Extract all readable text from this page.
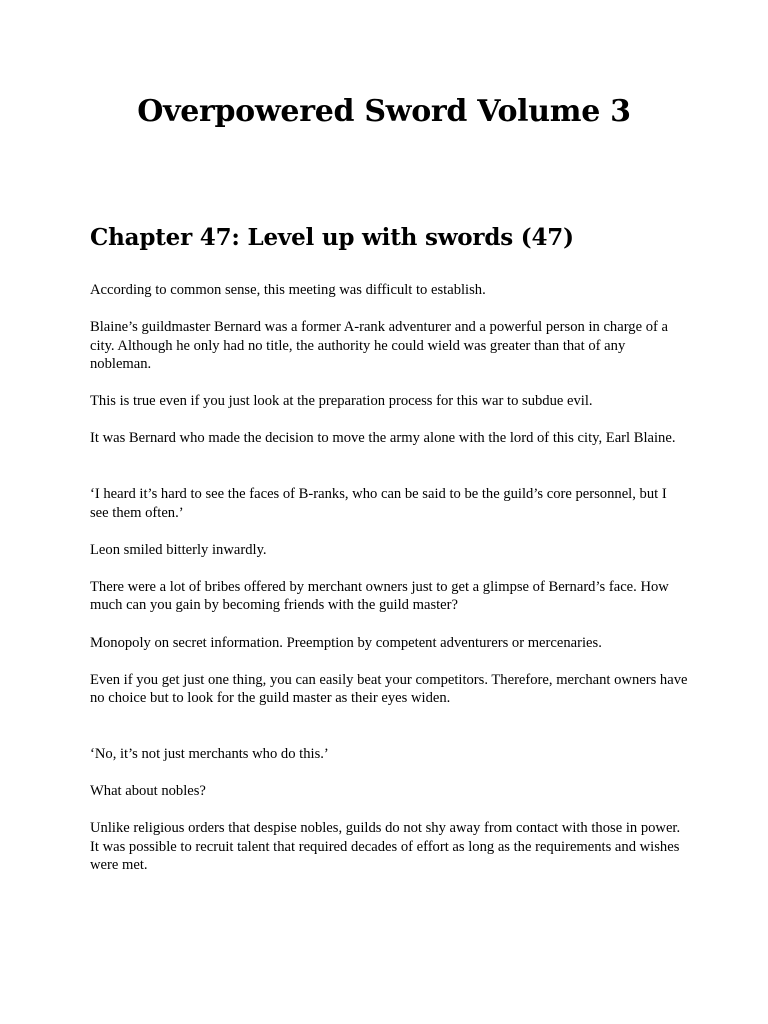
Overpowered Sword Volume 3
Chapter 47: Level up with swords (47)

According to common sense, this meeting was difficult to establish.

Blaine’s guildmaster Bernard was a former A-rank adventurer and a powerful person in charge of a city. Although he only had no title, the authority he could wield was greater than that of any nobleman.

This is true even if you just look at the preparation process for this war to subdue evil.

It was Bernard who made the decision to move the army alone with the lord of this city, Earl Blaine.

‘I heard it’s hard to see the faces of B-ranks, who can be said to be the guild’s core personnel, but I see them often.’

Leon smiled bitterly inwardly.

There were a lot of bribes offered by merchant owners just to get a glimpse of Bernard’s face. How much can you gain by becoming friends with the guild master?

Monopoly on secret information. Preemption by competent adventurers or mercenaries.

Even if you get just one thing, you can easily beat your competitors. Therefore, merchant owners have no choice but to look for the guild master as their eyes widen.

‘No, it’s not just merchants who do this.’

What about nobles?

Unlike religious orders that despise nobles, guilds do not shy away from contact with those in power. It was possible to recruit talent that required decades of effort as long as the requirements and wishes were met.
